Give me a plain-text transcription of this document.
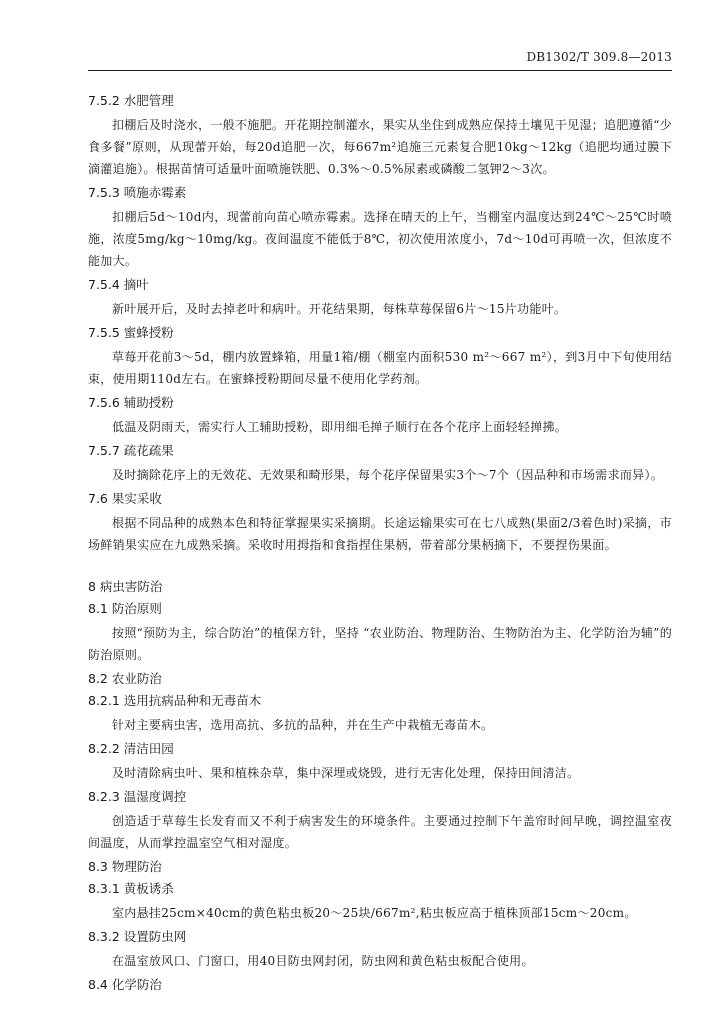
DB1302/T 309.8—2013
7.5.2 水肥管理
扣棚后及时浇水，一般不施肥。开花期控制灌水，果实从坐住到成熟应保持土壤见干见湿；追肥遵循“少食多餐”原则，从现蕾开始，每20d追肥一次，每667m²追施三元素复合肥10kg～12kg（追肥均通过膜下滴灌追施）。根据苗情可适量叶面喷施铁肥、0.3%～0.5%尿素或磷酸二氢钾2～3次。
7.5.3 喷施赤霉素
扣棚后5d～10d内，现蕾前向苗心喷赤霉素。选择在晴天的上午，当棚室内温度达到24℃～25℃时喷施，浓度5mg/kg～10mg/kg。夜间温度不能低于8℃，初次使用浓度小，7d～10d可再喷一次，但浓度不能加大。
7.5.4 摘叶
新叶展开后，及时去掉老叶和病叶。开花结果期，每株草莓保留6片～15片功能叶。
7.5.5 蜜蜂授粉
草莓开花前3～5d，棚内放置蜂箱，用量1箱/棚（棚室内面积530 m²～667 m²），到3月中下旬使用结束，使用期110d左右。在蜜蜂授粉期间尽量不使用化学药剂。
7.5.6 辅助授粉
低温及阴雨天，需实行人工辅助授粉，即用细毛掸子顺行在各个花序上面轻轻掸拂。
7.5.7 疏花疏果
及时摘除花序上的无效花、无效果和畸形果，每个花序保留果实3个～7个（因品种和市场需求而异）。
7.6 果实采收
根据不同品种的成熟本色和特征掌握果实采摘期。长途运输果实可在七八成熟(果面2/3着色时)采摘，市场鲜销果实应在九成熟采摘。采收时用拇指和食指捏住果柄，带着部分果柄摘下，不要捏伤果面。
8 病虫害防治
8.1 防治原则
按照“预防为主，综合防治”的植保方针，坚持 “农业防治、物理防治、生物防治为主、化学防治为辅”的防治原则。
8.2 农业防治
8.2.1 选用抗病品种和无毒苗木
针对主要病虫害，选用高抗、多抗的品种，并在生产中栽植无毒苗木。
8.2.2 清洁田园
及时清除病虫叶、果和植株杂草，集中深埋或烧毁，进行无害化处理，保持田间清洁。
8.2.3 温湿度调控
创造适于草莓生长发育而又不利于病害发生的环境条件。主要通过控制下午盖帘时间早晚，调控温室夜间温度，从而掌控温室空气相对湿度。
8.3 物理防治
8.3.1 黄板诱杀
室内悬挂25cm×40cm的黄色粘虫板20～25块/667m²,粘虫板应高于植株顶部15cm～20cm。
8.3.2 设置防虫网
在温室放风口、门窗口，用40目防虫网封闭，防虫网和黄色粘虫板配合使用。
8.4 化学防治
